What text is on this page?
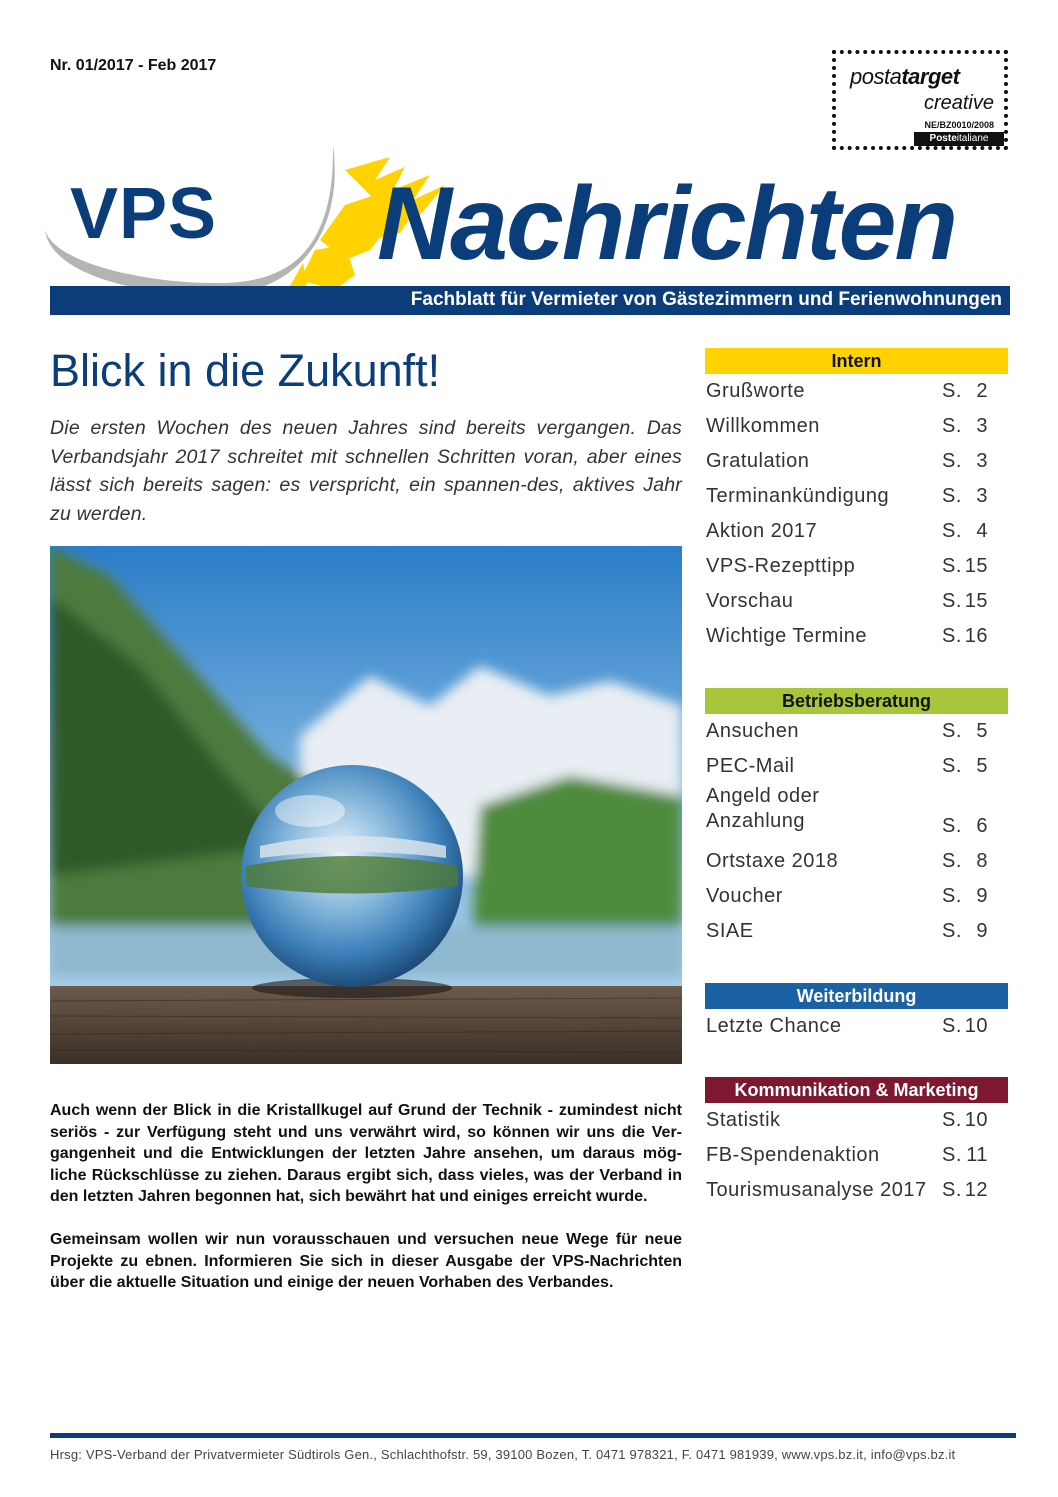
Nr. 01/2017 - Feb 2017	postatarget
creative
NE/BZ0010/2008
Posteitaliane
VPS Nachrichten
Fachblatt für Vermieter von Gästezimmern und Ferienwohnungen
Blick in die Zukunft!

Die ersten Wochen des neuen Jahres sind bereits vergangen. Das Verbandsjahr 2017 schreitet mit schnellen Schritten voran, aber eines lässt sich bereits sagen: es verspricht, ein spannen-des, aktives Jahr zu werden.

Auch wenn der Blick in die Kristallkugel auf Grund der Technik - zumindest nicht seriös - zur Verfügung steht und uns verwährt wird, so können wir uns die Ver-gangenheit und die Entwicklungen der letzten Jahre ansehen, um daraus mög-liche Rückschlüsse zu ziehen. Daraus ergibt sich, dass vieles, was der Verband in den letzten Jahren begonnen hat, sich bewährt hat und einiges erreicht wurde.

Gemeinsam wollen wir nun vorausschauen und versuchen neue Wege für neue Projekte zu ebnen. Informieren Sie sich in dieser Ausgabe der VPS-Nachrichten über die aktuelle Situation und einige der neuen Vorhaben des Verbandes.

Intern
Grußworte	S. 2
Willkommen	S. 3
Gratulation	S. 3
Terminankündigung	S. 3
Aktion 2017	S. 4
VPS-Rezepttipp	S. 15
Vorschau	S. 15
Wichtige Termine	S. 16
Betriebsberatung
Ansuchen	S. 5
PEC-Mail	S. 5
Angeld oder Anzahlung	S. 6
Ortstaxe 2018	S. 8
Voucher	S. 9
SIAE	S. 9
Weiterbildung
Letzte Chance	S. 10
Kommunikation & Marketing
Statistik	S. 10
FB-Spendenaktion	S. 11
Tourismusanalyse 2017 S. 12
Hrsg: VPS-Verband der Privatvermieter Südtirols Gen., Schlachthofstr. 59, 39100 Bozen, T. 0471 978321, F. 0471 981939, www.vps.bz.it, info@vps.bz.it
